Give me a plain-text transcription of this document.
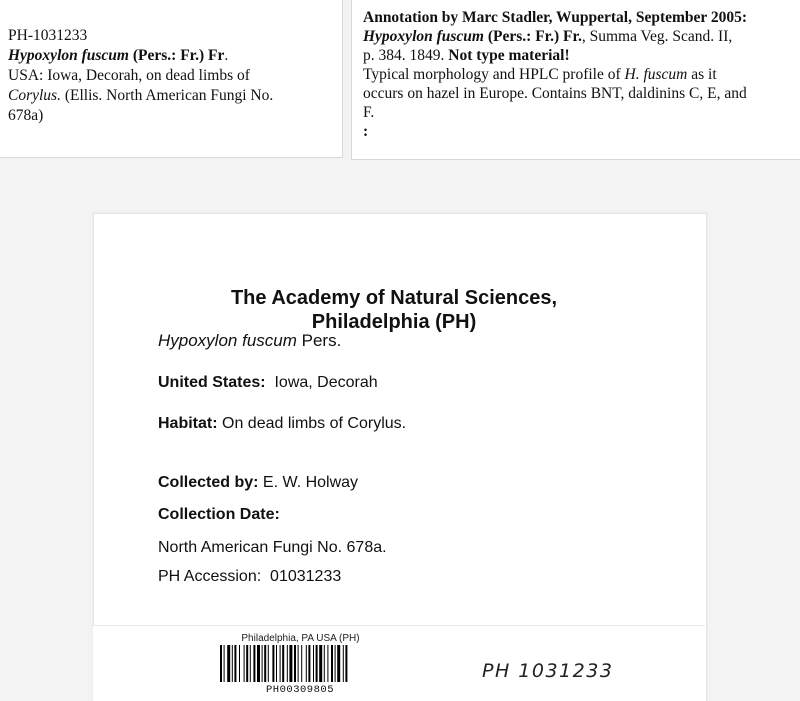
PH-1031233
Hypoxylon fuscum (Pers.: Fr.) Fr.
USA: Iowa, Decorah, on dead limbs of
Corylus. (Ellis. North American Fungi No.
678a)
Annotation by Marc Stadler, Wuppertal, September 2005:
Hypoxylon fuscum (Pers.: Fr.) Fr., Summa Veg. Scand. II,
p. 384. 1849. Not type material!
Typical morphology and HPLC profile of H. fuscum as it
occurs on hazel in Europe. Contains BNT, daldinins C, E, and
F.
:
The Academy of Natural Sciences,
Philadelphia (PH)
Hypoxylon fuscum Pers.
United States:  Iowa, Decorah
Habitat: On dead limbs of Corylus.
Collected by: E. W. Holway
Collection Date:
North American Fungi No. 678a.
PH Accession:  01031233
Philadelphia, PA USA (PH)
PH00309805
PH 1031233
